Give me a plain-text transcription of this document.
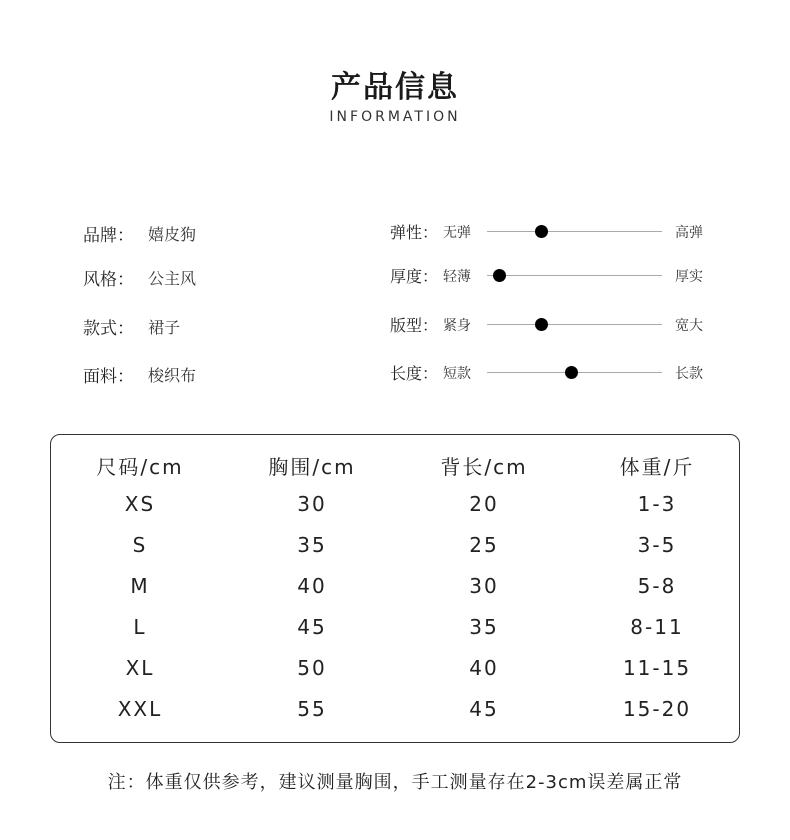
产品信息
INFORMATION
品牌： 嬉皮狗
风格： 公主风
款式： 裙子
面料： 梭织布
弹性： 无弹	高弹
厚度： 轻薄	厚实
版型： 紧身	宽大
长度： 短款	长款
尺码/cm	胸围/cm	背长/cm	体重/斤
XS	30	20	1-3
S	35	25	3-5
M	40	30	5-8
L	45	35	8-11
XL	50	40	11-15
XXL	55	45	15-20
注：体重仅供参考，建议测量胸围，手工测量存在2-3cm误差属正常
